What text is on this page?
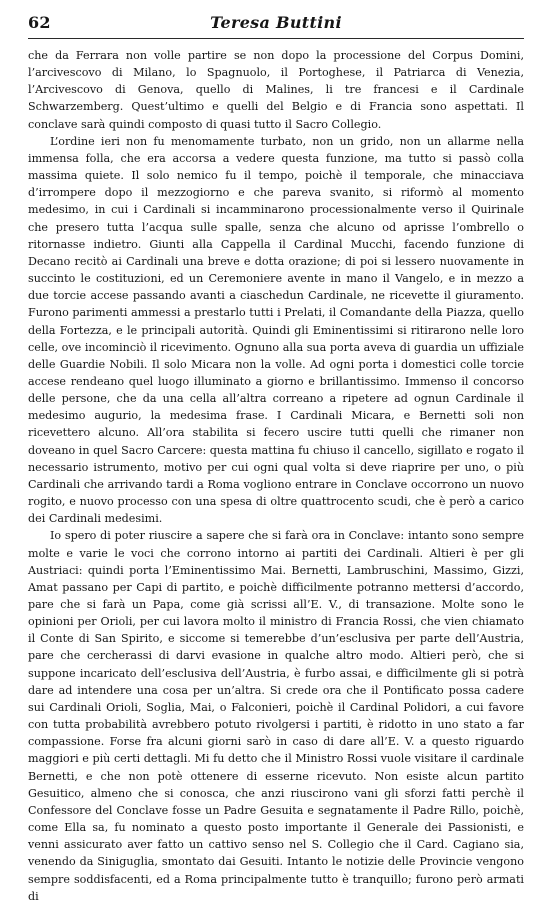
62	Teresa Buttini

che da Ferrara non volle partire se non dopo la processione del Corpus Domini, l’arcivescovo di Milano, lo Spagnuolo, il Portoghese, il Patriarca di Venezia, l’Arcivescovo di Genova, quello di Malines, li tre francesi e il Cardinale Schwarzemberg. Quest’ultimo e quelli del Belgio e di Francia sono aspettati. Il conclave sarà quindi composto di quasi tutto il Sacro Collegio.

L’ordine ieri non fu menomamente turbato, non un grido, non un allarme nella immensa folla, che era accorsa a vedere questa funzione, ma tutto si passò colla massima quiete. Il solo nemico fu il tempo, poichè il temporale, che minacciava d’irrompere dopo il mezzogiorno e che pareva svanito, si riformò al momento medesimo, in cui i Cardinali si incamminarono processionalmente verso il Quirinale che presero tutta l’acqua sulle spalle, senza che alcuno od aprisse l’ombrello o ritornasse indietro. Giunti alla Cappella il Cardinal Mucchi, facendo funzione di Decano recitò ai Cardinali una breve e dotta orazione; di poi si lessero nuovamente in succinto le costituzioni, ed un Ceremoniere avente in mano il Vangelo, e in mezzo a due torcie accese passando avanti a ciaschedun Cardinale, ne ricevette il giuramento. Furono parimenti ammessi a prestarlo tutti i Prelati, il Comandante della Piazza, quello della Fortezza, e le principali autorità. Quindi gli Eminentissimi si ritirarono nelle loro celle, ove incominciò il ricevimento. Ognuno alla sua porta aveva di guardia un uffiziale delle Guardie Nobili. Il solo Micara non la volle. Ad ogni porta i domestici colle torcie accese rendeano quel luogo illuminato a giorno e brillantissimo. Immenso il concorso delle persone, che da una cella all’altra correano a ripetere ad ognun Cardinale il medesimo augurio, la medesima frase. I Cardinali Micara, e Bernetti soli non ricevettero alcuno. All’ora stabilita si fecero uscire tutti quelli che rimaner non doveano in quel Sacro Carcere: questa mattina fu chiuso il cancello, sigillato e rogato il necessario istrumento, motivo per cui ogni qual volta si deve riaprire per uno, o più Cardinali che arrivando tardi a Roma vogliono entrare in Conclave occorrono un nuovo rogito, e nuovo processo con una spesa di oltre quattrocento scudi, che è però a carico dei Cardinali medesimi.

Io spero di poter riuscire a sapere che si farà ora in Conclave: intanto sono sempre molte e varie le voci che corrono intorno ai partiti dei Cardinali. Altieri è per gli Austriaci: quindi porta l’Eminentissimo Mai. Bernetti, Lambruschini, Massimo, Gizzi, Amat passano per Capi di partito, e poichè difficilmente potranno mettersi d’accordo, pare che si farà un Papa, come già scrissi all’E. V., di transazione. Molte sono le opinioni per Orioli, per cui lavora molto il ministro di Francia Rossi, che vien chiamato il Conte di San Spirito, e siccome si temerebbe d’un’esclusiva per parte dell’Austria, pare che cercherassi di darvi evasione in qualche altro modo. Altieri però, che si suppone incaricato dell’esclusiva dell’Austria, è furbo assai, e difficilmente gli si potrà dare ad intendere una cosa per un’altra. Si crede ora che il Pontificato possa cadere sui Cardinali Orioli, Soglia, Mai, o Falconieri, poichè il Cardinal Polidori, a cui favore con tutta probabilità avrebbero potuto rivolgersi i partiti, è ridotto in uno stato a far compassione. Forse fra alcuni giorni sarò in caso di dare all’E. V. a questo riguardo maggiori e più certi dettagli. Mi fu detto che il Ministro Rossi vuole visitare il cardinale Bernetti, e che non potè ottenere di esserne ricevuto. Non esiste alcun partito Gesuitico, almeno che si conosca, che anzi riuscirono vani gli sforzi fatti perchè il Confessore del Conclave fosse un Padre Gesuita e segnatamente il Padre Rillo, poichè, come Ella sa, fu nominato a questo posto importante il Generale dei Passionisti, e venni assicurato aver fatto un cattivo senso nel S. Collegio che il Card. Cagiano sia, venendo da Siniguglia, smontato dai Gesuiti. Intanto le notizie delle Provincie vengono sempre soddisfacenti, ed a Roma principalmente tutto è tranquillo; furono però armati di
